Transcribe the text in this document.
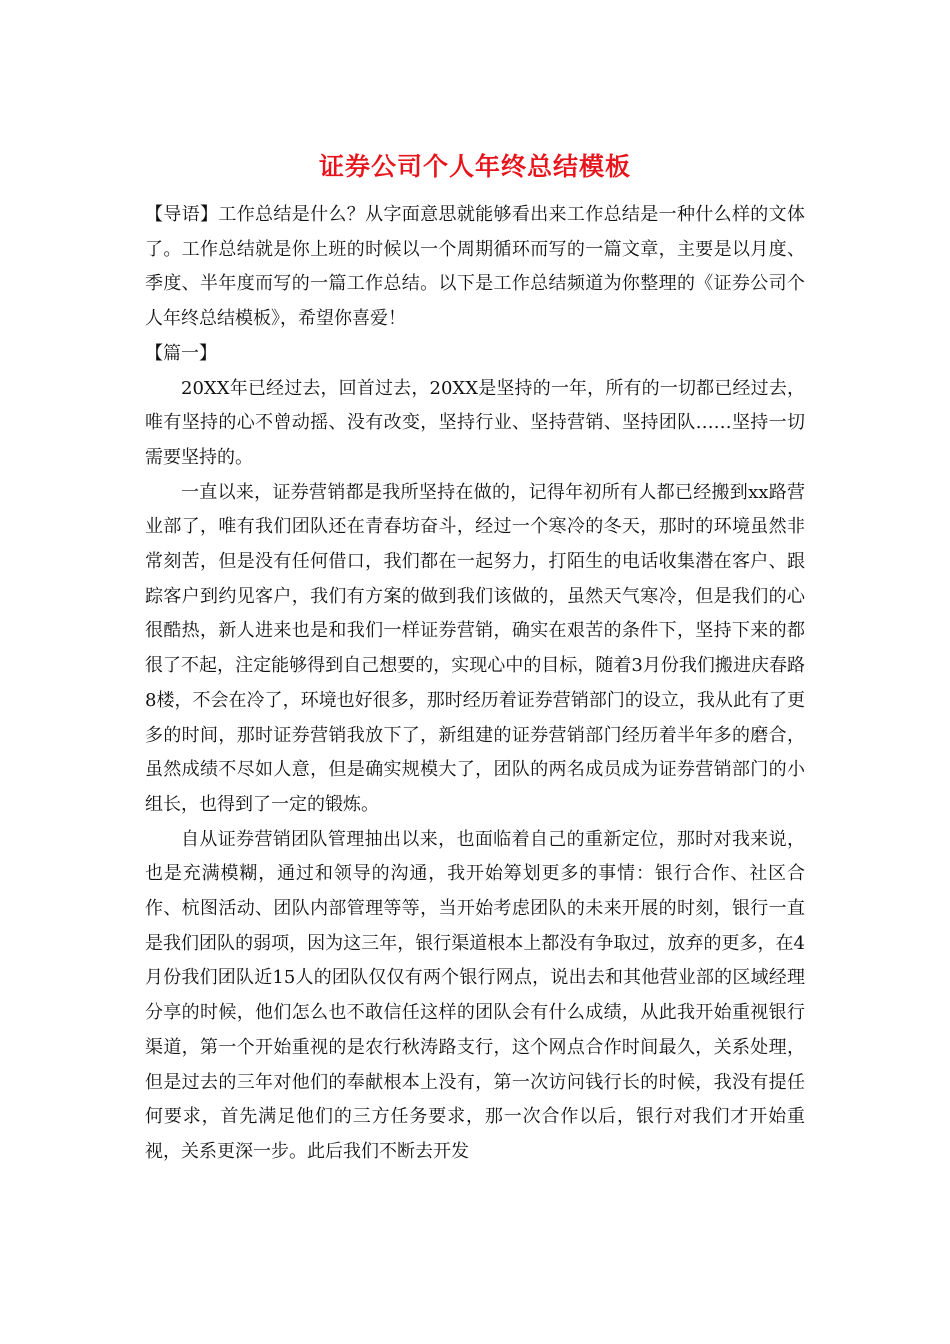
证券公司个人年终总结模板

【导语】工作总结是什么？从字面意思就能够看出来工作总结是一种什么样的文体了。工作总结就是你上班的时候以一个周期循环而写的一篇文章，主要是以月度、季度、半年度而写的一篇工作总结。以下是工作总结频道为你整理的《证券公司个人年终总结模板》，希望你喜爱！

【篇一】

20XX年已经过去，回首过去，20XX是坚持的一年，所有的一切都已经过去，唯有坚持的心不曾动摇、没有改变，坚持行业、坚持营销、坚持团队……坚持一切需要坚持的。

一直以来，证券营销都是我所坚持在做的，记得年初所有人都已经搬到xx路营业部了，唯有我们团队还在青春坊奋斗，经过一个寒冷的冬天，那时的环境虽然非常刻苦，但是没有任何借口，我们都在一起努力，打陌生的电话收集潜在客户、跟踪客户到约见客户，我们有方案的做到我们该做的，虽然天气寒冷，但是我们的心很酷热，新人进来也是和我们一样证券营销，确实在艰苦的条件下，坚持下来的都很了不起，注定能够得到自己想要的，实现心中的目标，随着3月份我们搬进庆春路8楼，不会在冷了，环境也好很多，那时经历着证券营销部门的设立，我从此有了更多的时间，那时证券营销我放下了，新组建的证券营销部门经历着半年多的磨合，虽然成绩不尽如人意，但是确实规模大了，团队的两名成员成为证券营销部门的小组长，也得到了一定的锻炼。

自从证券营销团队管理抽出以来，也面临着自己的重新定位，那时对我来说，也是充满模糊，通过和领导的沟通，我开始筹划更多的事情：银行合作、社区合作、杭图活动、团队内部管理等等，当开始考虑团队的未来开展的时刻，银行一直是我们团队的弱项，因为这三年，银行渠道根本上都没有争取过，放弃的更多，在4月份我们团队近15人的团队仅仅有两个银行网点，说出去和其他营业部的区域经理分享的时候，他们怎么也不敢信任这样的团队会有什么成绩，从此我开始重视银行渠道，第一个开始重视的是农行秋涛路支行，这个网点合作时间最久，关系处理，但是过去的三年对他们的奉献根本上没有，第一次访问钱行长的时候，我没有提任何要求，首先满足他们的三方任务要求，那一次合作以后，银行对我们才开始重视，关系更深一步。此后我们不断去开发
